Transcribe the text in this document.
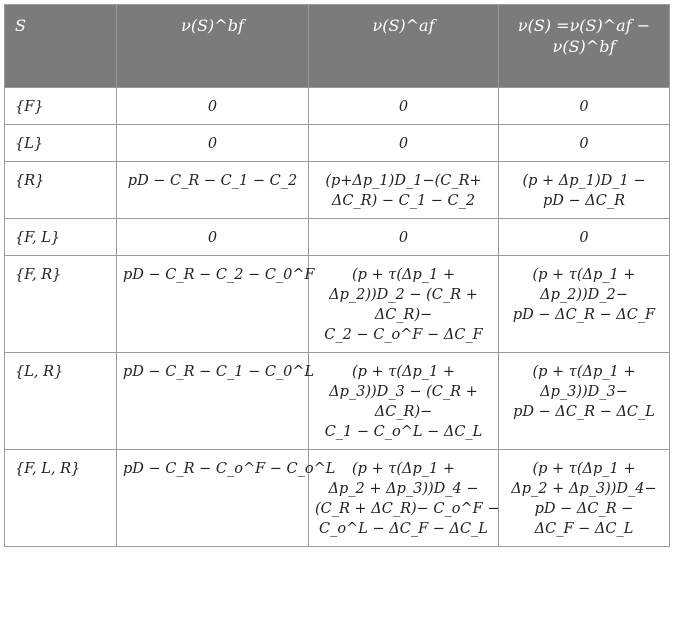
S	ν(S)^bf	ν(S)^af	ν(S) =ν(S)^af − ν(S)^bf

{F}	0	0	0

{L}	0	0	0

{R}	pD − C_R − C_1 − C_2	(p+Δp_1)D_1−(C_R+
ΔC_R) − C_1 − C_2	(p + Δp_1)D_1 −
pD − ΔC_R

{F, L}	0	0	0

{F, R}	pD − C_R − C_2 − C_0^F	(p + τ(Δp_1 +
Δp_2))D_2 − (C_R +
ΔC_R)−
C_2 − C_o^F − ΔC_F	(p + τ(Δp_1 +
Δp_2))D_2−
pD − ΔC_R − ΔC_F

{L, R}	pD − C_R − C_1 − C_0^L	(p + τ(Δp_1 +
Δp_3))D_3 − (C_R +
ΔC_R)−
C_1 − C_o^L − ΔC_L	(p + τ(Δp_1 +
Δp_3))D_3−
pD − ΔC_R − ΔC_L

{F, L, R}	pD − C_R − C_o^F − C_o^L	(p + τ(Δp_1 +
Δp_2 + Δp_3))D_4 −
(C_R + ΔC_R)− C_o^F −
C_o^L − ΔC_F − ΔC_L	(p + τ(Δp_1 +
Δp_2 + Δp_3))D_4−
pD − ΔC_R −
ΔC_F − ΔC_L
